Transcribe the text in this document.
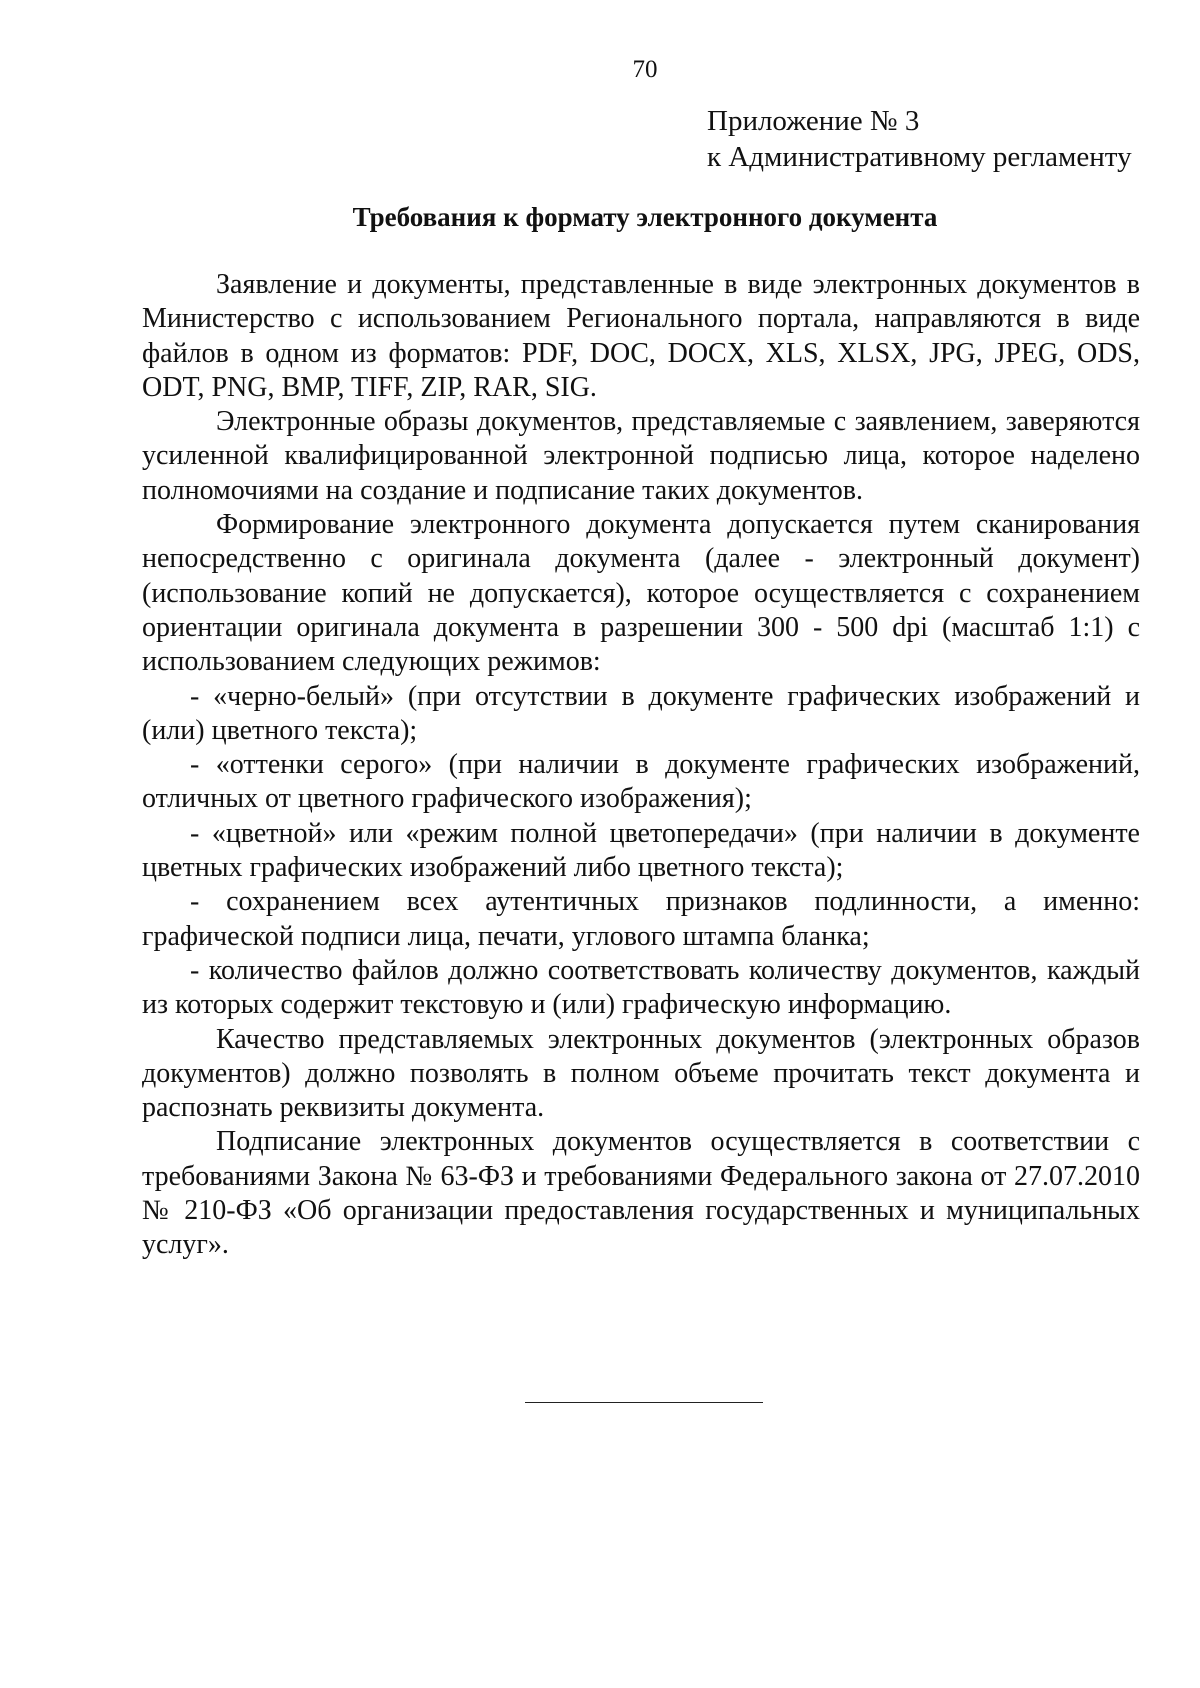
70
Приложение № 3
к Административному регламенту
Требования к формату электронного документа

Заявление и документы, представленные в виде электронных документов в Министерство с использованием Регионального портала, направляются в виде файлов в одном из форматов: PDF, DOC, DOCX, XLS, XLSX, JPG, JPEG, ODS, ODT, PNG, BMP, TIFF, ZIP, RAR, SIG.

Электронные образы документов, представляемые с заявлением, заверяются усиленной квалифицированной электронной подписью лица, которое наделено полномочиями на создание и подписание таких документов.

Формирование электронного документа допускается путем сканирования непосредственно с оригинала документа (далее - электронный документ) (использование копий не допускается), которое осуществляется с сохранением ориентации оригинала документа в разрешении 300 - 500 dpi (масштаб 1:1) с использованием следующих режимов:

- «черно-белый» (при отсутствии в документе графических изображений и (или) цветного текста);

- «оттенки серого» (при наличии в документе графических изображений, отличных от цветного графического изображения);

- «цветной» или «режим полной цветопередачи» (при наличии в документе цветных графических изображений либо цветного текста);

- сохранением всех аутентичных признаков подлинности, а именно: графической подписи лица, печати, углового штампа бланка;

- количество файлов должно соответствовать количеству документов, каждый из которых содержит текстовую и (или) графическую информацию.

Качество представляемых электронных документов (электронных образов документов) должно позволять в полном объеме прочитать текст документа и распознать реквизиты документа.

Подписание электронных документов осуществляется в соответствии с требованиями Закона № 63-ФЗ и требованиями Федерального закона от 27.07.2010 № 210-ФЗ «Об организации предоставления государственных и муниципальных услуг».
